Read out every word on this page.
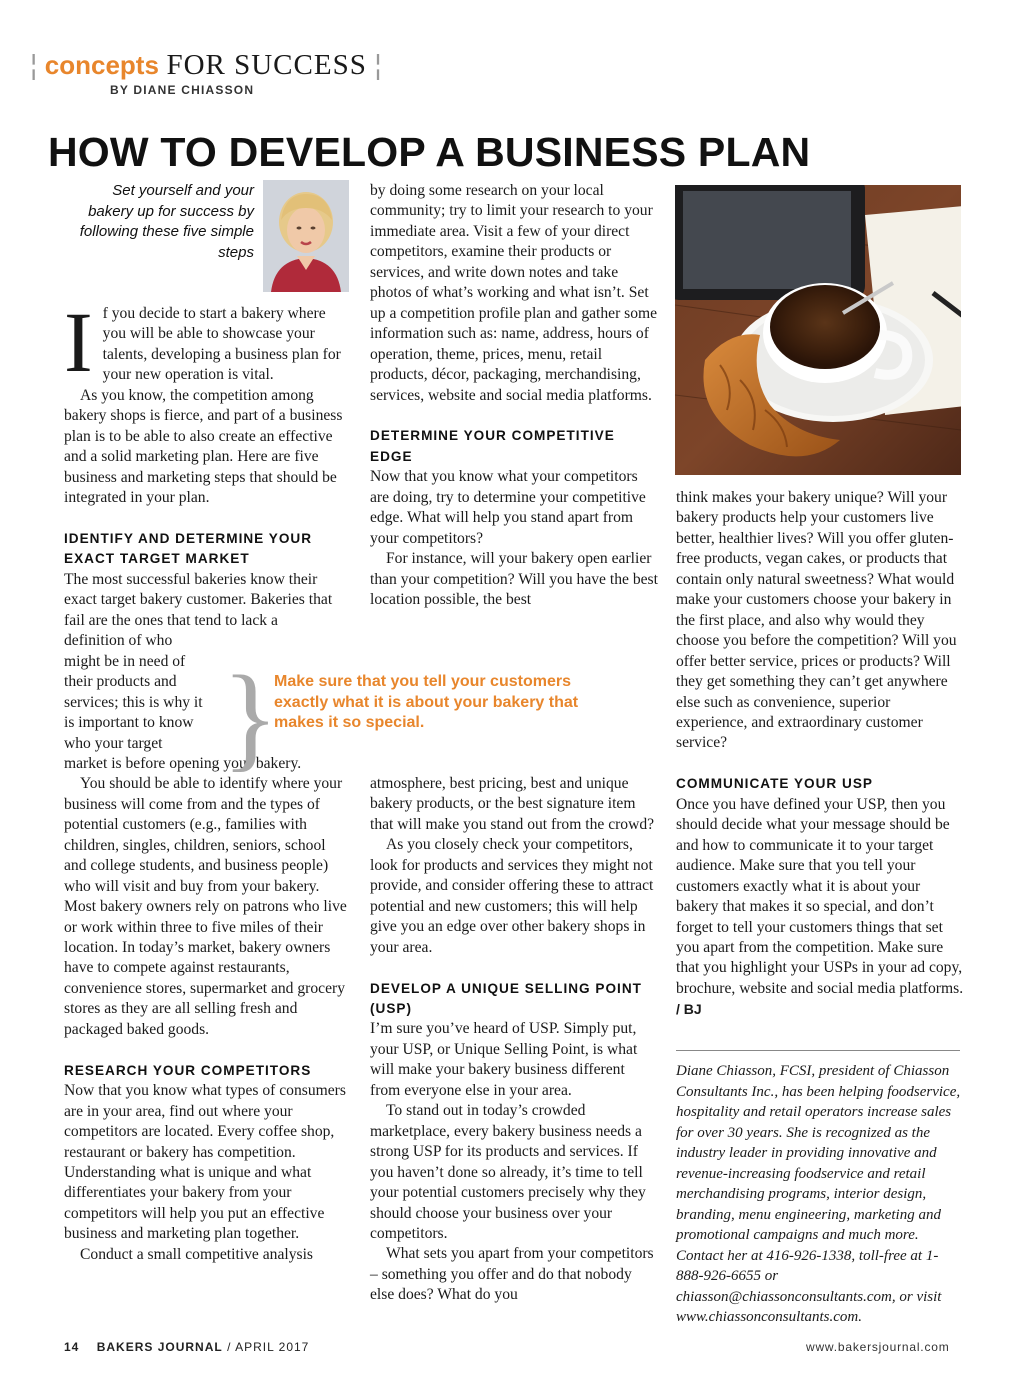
¦ concepts FOR SUCCESS ¦
BY DIANE CHIASSON
HOW TO DEVELOP A BUSINESS PLAN
Set yourself and your bakery up for success by following these five simple steps

I f you decide to start a bakery where you will be able to showcase your talents, developing a business plan for your new operation is vital.

As you know, the competition among bakery shops is fierce, and part of a business plan is to be able to also create an effective and a solid marketing plan. Here are five business and marketing steps that should be integrated in your plan.

IDENTIFY AND DETERMINE YOUR EXACT TARGET MARKET

The most successful bakeries know their exact target bakery customer. Bakeries that fail are the ones that tend to lack a
definition of who
might be in need of
their products and
services; this is why it
is important to know
who your target
market is before opening your bakery.

You should be able to identify where your business will come from and the types of potential customers (e.g., families with children, singles, children, seniors, school and college students, and business people) who will visit and buy from your bakery. Most bakery owners rely on patrons who live or work within three to five miles of their location. In today’s market, bakery owners have to compete against restaurants, convenience stores, supermarket and grocery stores as they are all selling fresh and packaged baked goods.

RESEARCH YOUR COMPETITORS

Now that you know what types of consumers are in your area, find out where your competitors are located. Every coffee shop, restaurant or bakery has competition. Understanding what is unique and what differentiates your bakery from your competitors will help you put an effective business and marketing plan together.

Conduct a small competitive analysis

}
Make sure that you tell your customers exactly what it is about your bakery that makes it so special.

by doing some research on your local community; try to limit your research to your immediate area. Visit a few of your direct competitors, examine their products or services, and write down notes and take photos of what’s working and what isn’t. Set up a competition profile plan and gather some information such as: name, address, hours of operation, theme, prices, menu, retail products, décor, packaging, merchandising, services, website and social media platforms.

DETERMINE YOUR COMPETITIVE EDGE

Now that you know what your competitors are doing, try to determine your competitive edge. What will help you stand apart from your competitors?

For instance, will your bakery open earlier than your competition? Will you have the best location possible, the best

atmosphere, best pricing, best and unique bakery products, or the best signature item that will make you stand out from the crowd?

As you closely check your competitors, look for products and services they might not provide, and consider offering these to attract potential and new customers; this will help give you an edge over other bakery shops in your area.

DEVELOP A UNIQUE SELLING POINT (USP)

I’m sure you’ve heard of USP. Simply put, your USP, or Unique Selling Point, is what will make your bakery business different from everyone else in your area.

To stand out in today’s crowded marketplace, every bakery business needs a strong USP for its products and services. If you haven’t done so already, it’s time to tell your potential customers precisely why they should choose your business over your competitors.

What sets you apart from your competitors – something you offer and do that nobody else does? What do you

think makes your bakery unique? Will your bakery products help your customers live better, healthier lives? Will you offer gluten-free products, vegan cakes, or products that contain only natural sweetness? What would make your customers choose your bakery in the first place, and also why would they choose you before the competition? Will you offer better service, prices or products? Will they get something they can’t get anywhere else such as convenience, superior experience, and extraordinary customer service?

COMMUNICATE YOUR USP

Once you have defined your USP, then you should decide what your message should be and how to communicate it to your target audience. Make sure that you tell your customers exactly what it is about your bakery that makes it so special, and don’t forget to tell your customers things that set you apart from the competition. Make sure that you highlight your USPs in your ad copy, brochure, website and social media platforms. / BJ

Diane Chiasson, FCSI, president of Chiasson Consultants Inc., has been helping foodservice, hospitality and retail operators increase sales for over 30 years. She is recognized as the industry leader in providing innovative and revenue-increasing foodservice and retail merchandising programs, interior design, branding, menu engineering, marketing and promotional campaigns and much more. Contact her at 416-926-1338, toll-free at 1-888-926-6655 or chiasson@chiassonconsultants.com, or visit www.chiassonconsultants.com.
14 BAKERS JOURNAL / APRIL 2017	www.bakersjournal.com
